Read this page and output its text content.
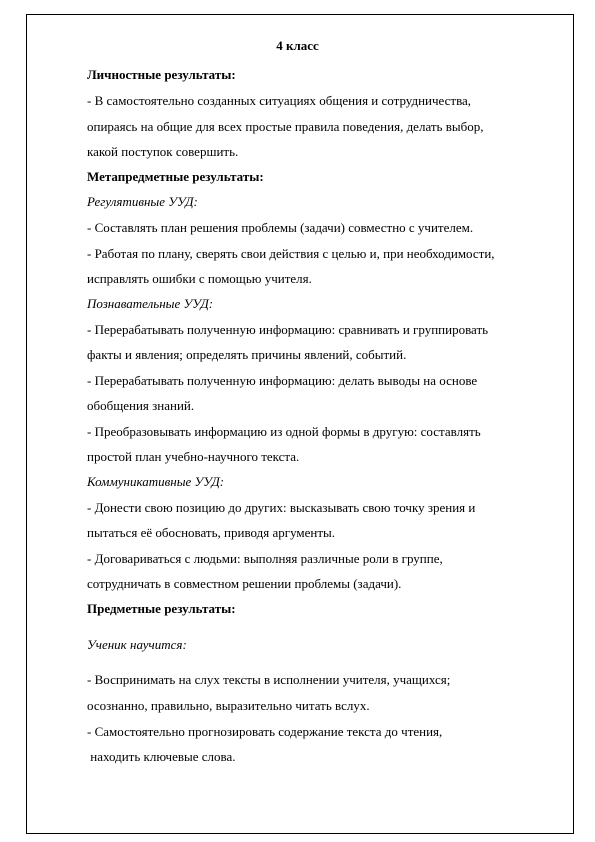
4 класс
Личностные результаты:
- В самостоятельно созданных ситуациях общения и сотрудничества,
опираясь на общие для всех простые правила поведения, делать выбор,
какой поступок совершить.
Метапредметные результаты:
Регулятивные УУД:
- Составлять план решения проблемы (задачи) совместно с учителем.
- Работая по плану, сверять свои действия с целью и, при необходимости,
исправлять ошибки с помощью учителя.
Познавательные УУД:
- Перерабатывать полученную информацию: сравнивать и группировать
факты и явления; определять причины явлений, событий.
- Перерабатывать полученную информацию: делать выводы на основе
обобщения знаний.
- Преобразовывать информацию из одной формы в другую: составлять
простой план учебно-научного текста.
Коммуникативные УУД:
- Донести свою позицию до других: высказывать свою точку зрения и
пытаться её обосновать, приводя аргументы.
- Договариваться с людьми: выполняя различные роли в группе,
сотрудничать в совместном решении проблемы (задачи).
Предметные результаты:
Ученик научится:
- Воспринимать на слух тексты в исполнении учителя, учащихся;
осознанно, правильно, выразительно читать вслух.
- Самостоятельно прогнозировать содержание текста до чтения,
находить ключевые слова.
